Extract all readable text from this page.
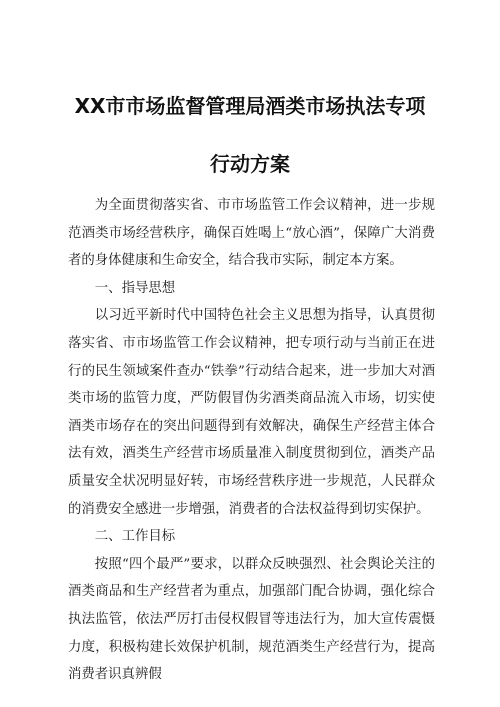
XX市市场监督管理局酒类市场执法专项
行动方案

为全面贯彻落实省、市市场监管工作会议精神，进一步规范酒类市场经营秩序，确保百姓喝上“放心酒”，保障广大消费者的身体健康和生命安全，结合我市实际，制定本方案。

一、指导思想

以习近平新时代中国特色社会主义思想为指导，认真贯彻落实省、市市场监管工作会议精神，把专项行动与当前正在进行的民生领域案件查办“铁拳”行动结合起来，进一步加大对酒类市场的监管力度，严防假冒伪劣酒类商品流入市场，切实使酒类市场存在的突出问题得到有效解决，确保生产经营主体合法有效，酒类生产经营市场质量准入制度贯彻到位，酒类产品质量安全状况明显好转，市场经营秩序进一步规范，人民群众的消费安全感进一步增强，消费者的合法权益得到切实保护。

二、工作目标

按照“四个最严”要求，以群众反映强烈、社会舆论关注的酒类商品和生产经营者为重点，加强部门配合协调，强化综合执法监管，依法严厉打击侵权假冒等违法行为，加大宣传震慑力度，积极构建长效保护机制，规范酒类生产经营行为，提高消费者识真辨假
